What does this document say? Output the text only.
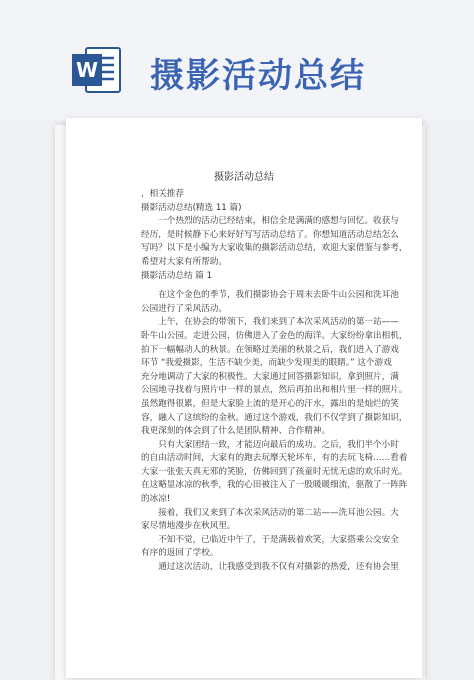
W 摄影活动总结
摄影活动总结

，相关推荐

摄影活动总结(精选 11 篇)

一个热烈的活动已经结束，相信全是满满的感想与回忆。收获与

经历，是时候静下心来好好写写活动总结了。你想知道活动总结怎么

写吗？以下是小编为大家收集的摄影活动总结，欢迎大家借鉴与参考，

希望对大家有所帮助。

摄影活动总结 篇 1

在这个金色的季节，我们摄影协会于周末去卧牛山公园和洗耳池

公园进行了采风活动。

上午，在协会的带领下，我们来到了本次采风活动的第一站——

卧牛山公园。走进公园，仿佛进入了金色的海洋。大家纷纷拿出相机，

拍下一幅幅动人的秋景。在领略过美丽的秋景之后，我们进入了游戏

环节 “我爱摄影，生活不缺少美，而缺少发现美的眼睛。” 这个游戏

充分地调动了大家的积极性。大家通过回答摄影知识，拿到照片，满

公园地寻找着与照片中一样的景点，然后再拍出和相片里一样的照片。

虽然跑得很累，但是大家脸上流的是开心的汗水，露出的是灿烂的笑

容，融入了这缤纷的金秋。通过这个游戏，我们不仅学到了摄影知识，

我更深刻的体会到了什么是团队精神、合作精神。

只有大家团结一致，才能迈向最后的成功。之后，我们半个小时

的自由活动时间，大家有的跑去玩摩天轮坏车，有的去玩飞椅……看着

大家一张张天真无邪的笑脸，仿佛回到了孩童时无忧无虑的欢乐时光。

在这略显冰凉的秋季，我的心田被注入了一股暖暖细流，驱散了一阵阵

的冰凉!

接着，我们又来到了本次采风活动的第二站——洗耳池公园。大

家尽情地漫步在秋风里。

不知不觉，已临近中午了，于是满载着欢笑，大家搭乘公交安全

有序的返回了学校。

通过这次活动，让我感受到我不仅有对摄影的热爱，还有协会里
